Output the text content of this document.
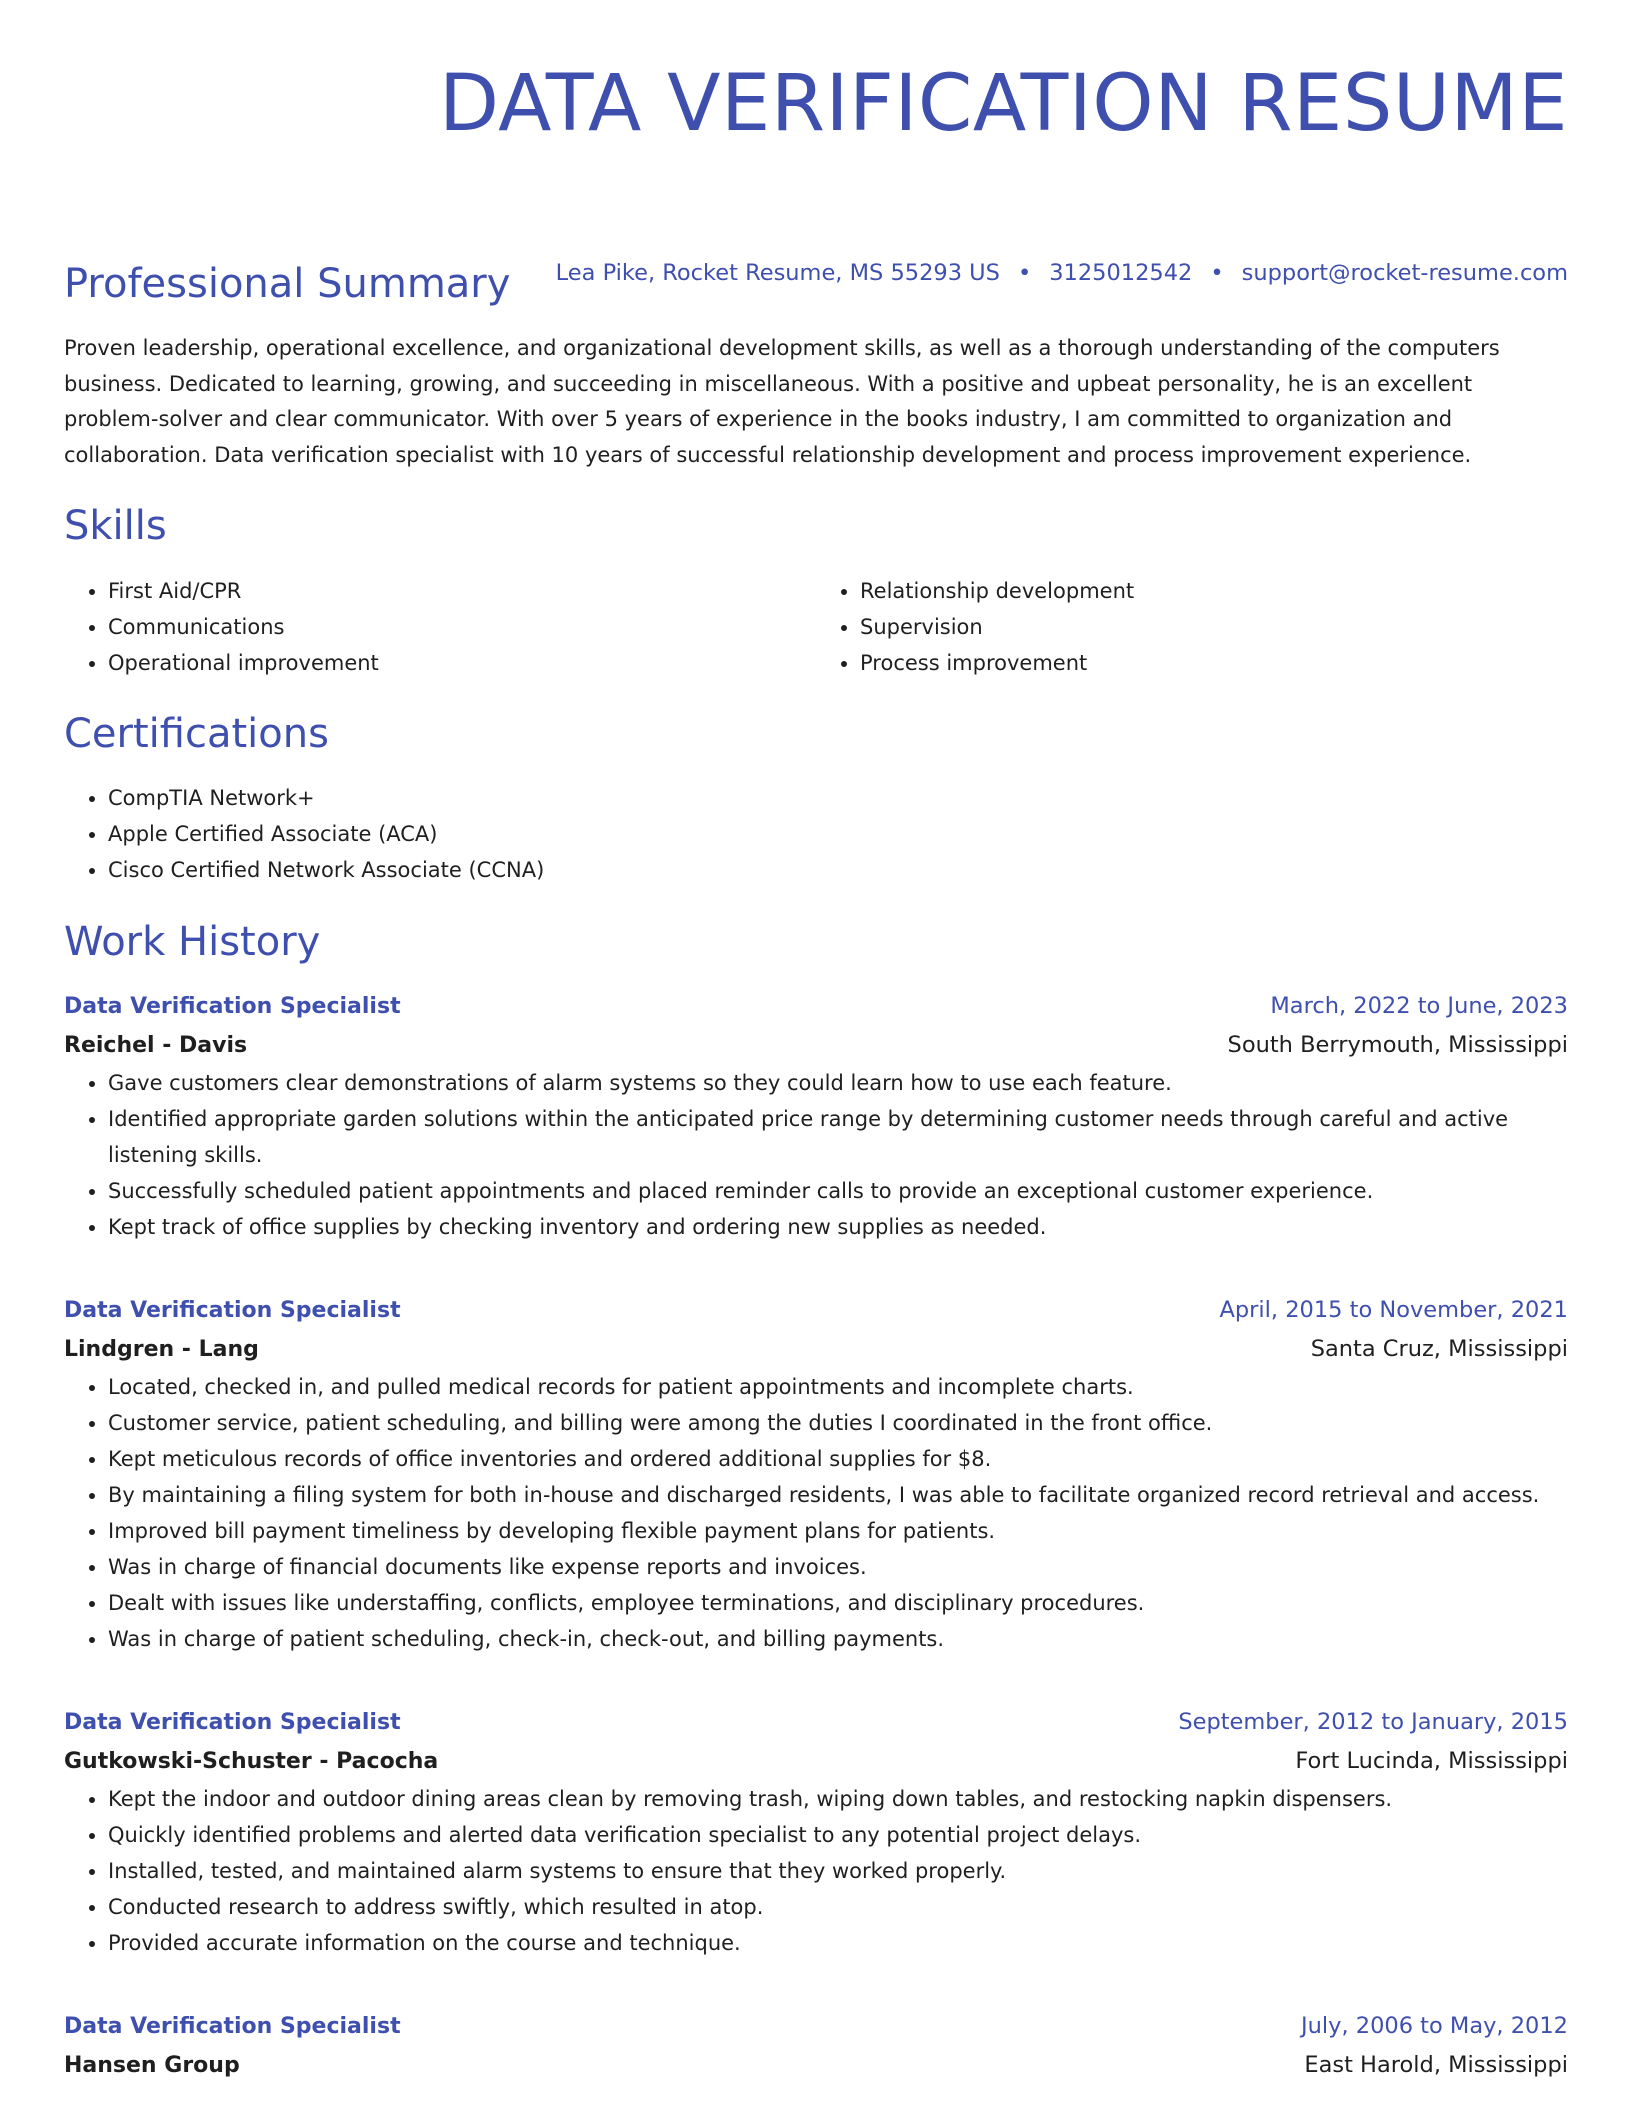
DATA VERIFICATION RESUME
Lea Pike, Rocket Resume, MS 55293 US • 3125012542 • support@rocket-resume.com
Professional Summary

Proven leadership, operational excellence, and organizational development skills, as well as a thorough understanding of the computers business. Dedicated to learning, growing, and succeeding in miscellaneous. With a positive and upbeat personality, he is an excellent problem-solver and clear communicator. With over 5 years of experience in the books industry, I am committed to organization and collaboration. Data verification specialist with 10 years of successful relationship development and process improvement experience.

Skills
• First Aid/CPR
• Communications
• Operational improvement
• Relationship development
• Supervision
• Process improvement
Certifications
• CompTIA Network+
• Apple Certified Associate (ACA)
• Cisco Certified Network Associate (CCNA)
Work History
Data Verification Specialist	March, 2022 to June, 2023
Reichel - Davis	South Berrymouth, Mississippi
• Gave customers clear demonstrations of alarm systems so they could learn how to use each feature.
• Identified appropriate garden solutions within the anticipated price range by determining customer needs through careful and active listening skills.
• Successfully scheduled patient appointments and placed reminder calls to provide an exceptional customer experience.
• Kept track of office supplies by checking inventory and ordering new supplies as needed.
Data Verification Specialist	April, 2015 to November, 2021
Lindgren - Lang	Santa Cruz, Mississippi
• Located, checked in, and pulled medical records for patient appointments and incomplete charts.
• Customer service, patient scheduling, and billing were among the duties I coordinated in the front office.
• Kept meticulous records of office inventories and ordered additional supplies for $8.
• By maintaining a filing system for both in-house and discharged residents, I was able to facilitate organized record retrieval and access.
• Improved bill payment timeliness by developing flexible payment plans for patients.
• Was in charge of financial documents like expense reports and invoices.
• Dealt with issues like understaffing, conflicts, employee terminations, and disciplinary procedures.
• Was in charge of patient scheduling, check-in, check-out, and billing payments.
Data Verification Specialist	September, 2012 to January, 2015
Gutkowski-Schuster - Pacocha	Fort Lucinda, Mississippi
• Kept the indoor and outdoor dining areas clean by removing trash, wiping down tables, and restocking napkin dispensers.
• Quickly identified problems and alerted data verification specialist to any potential project delays.
• Installed, tested, and maintained alarm systems to ensure that they worked properly.
• Conducted research to address swiftly, which resulted in atop.
• Provided accurate information on the course and technique.
Data Verification Specialist	July, 2006 to May, 2012
Hansen Group	East Harold, Mississippi
